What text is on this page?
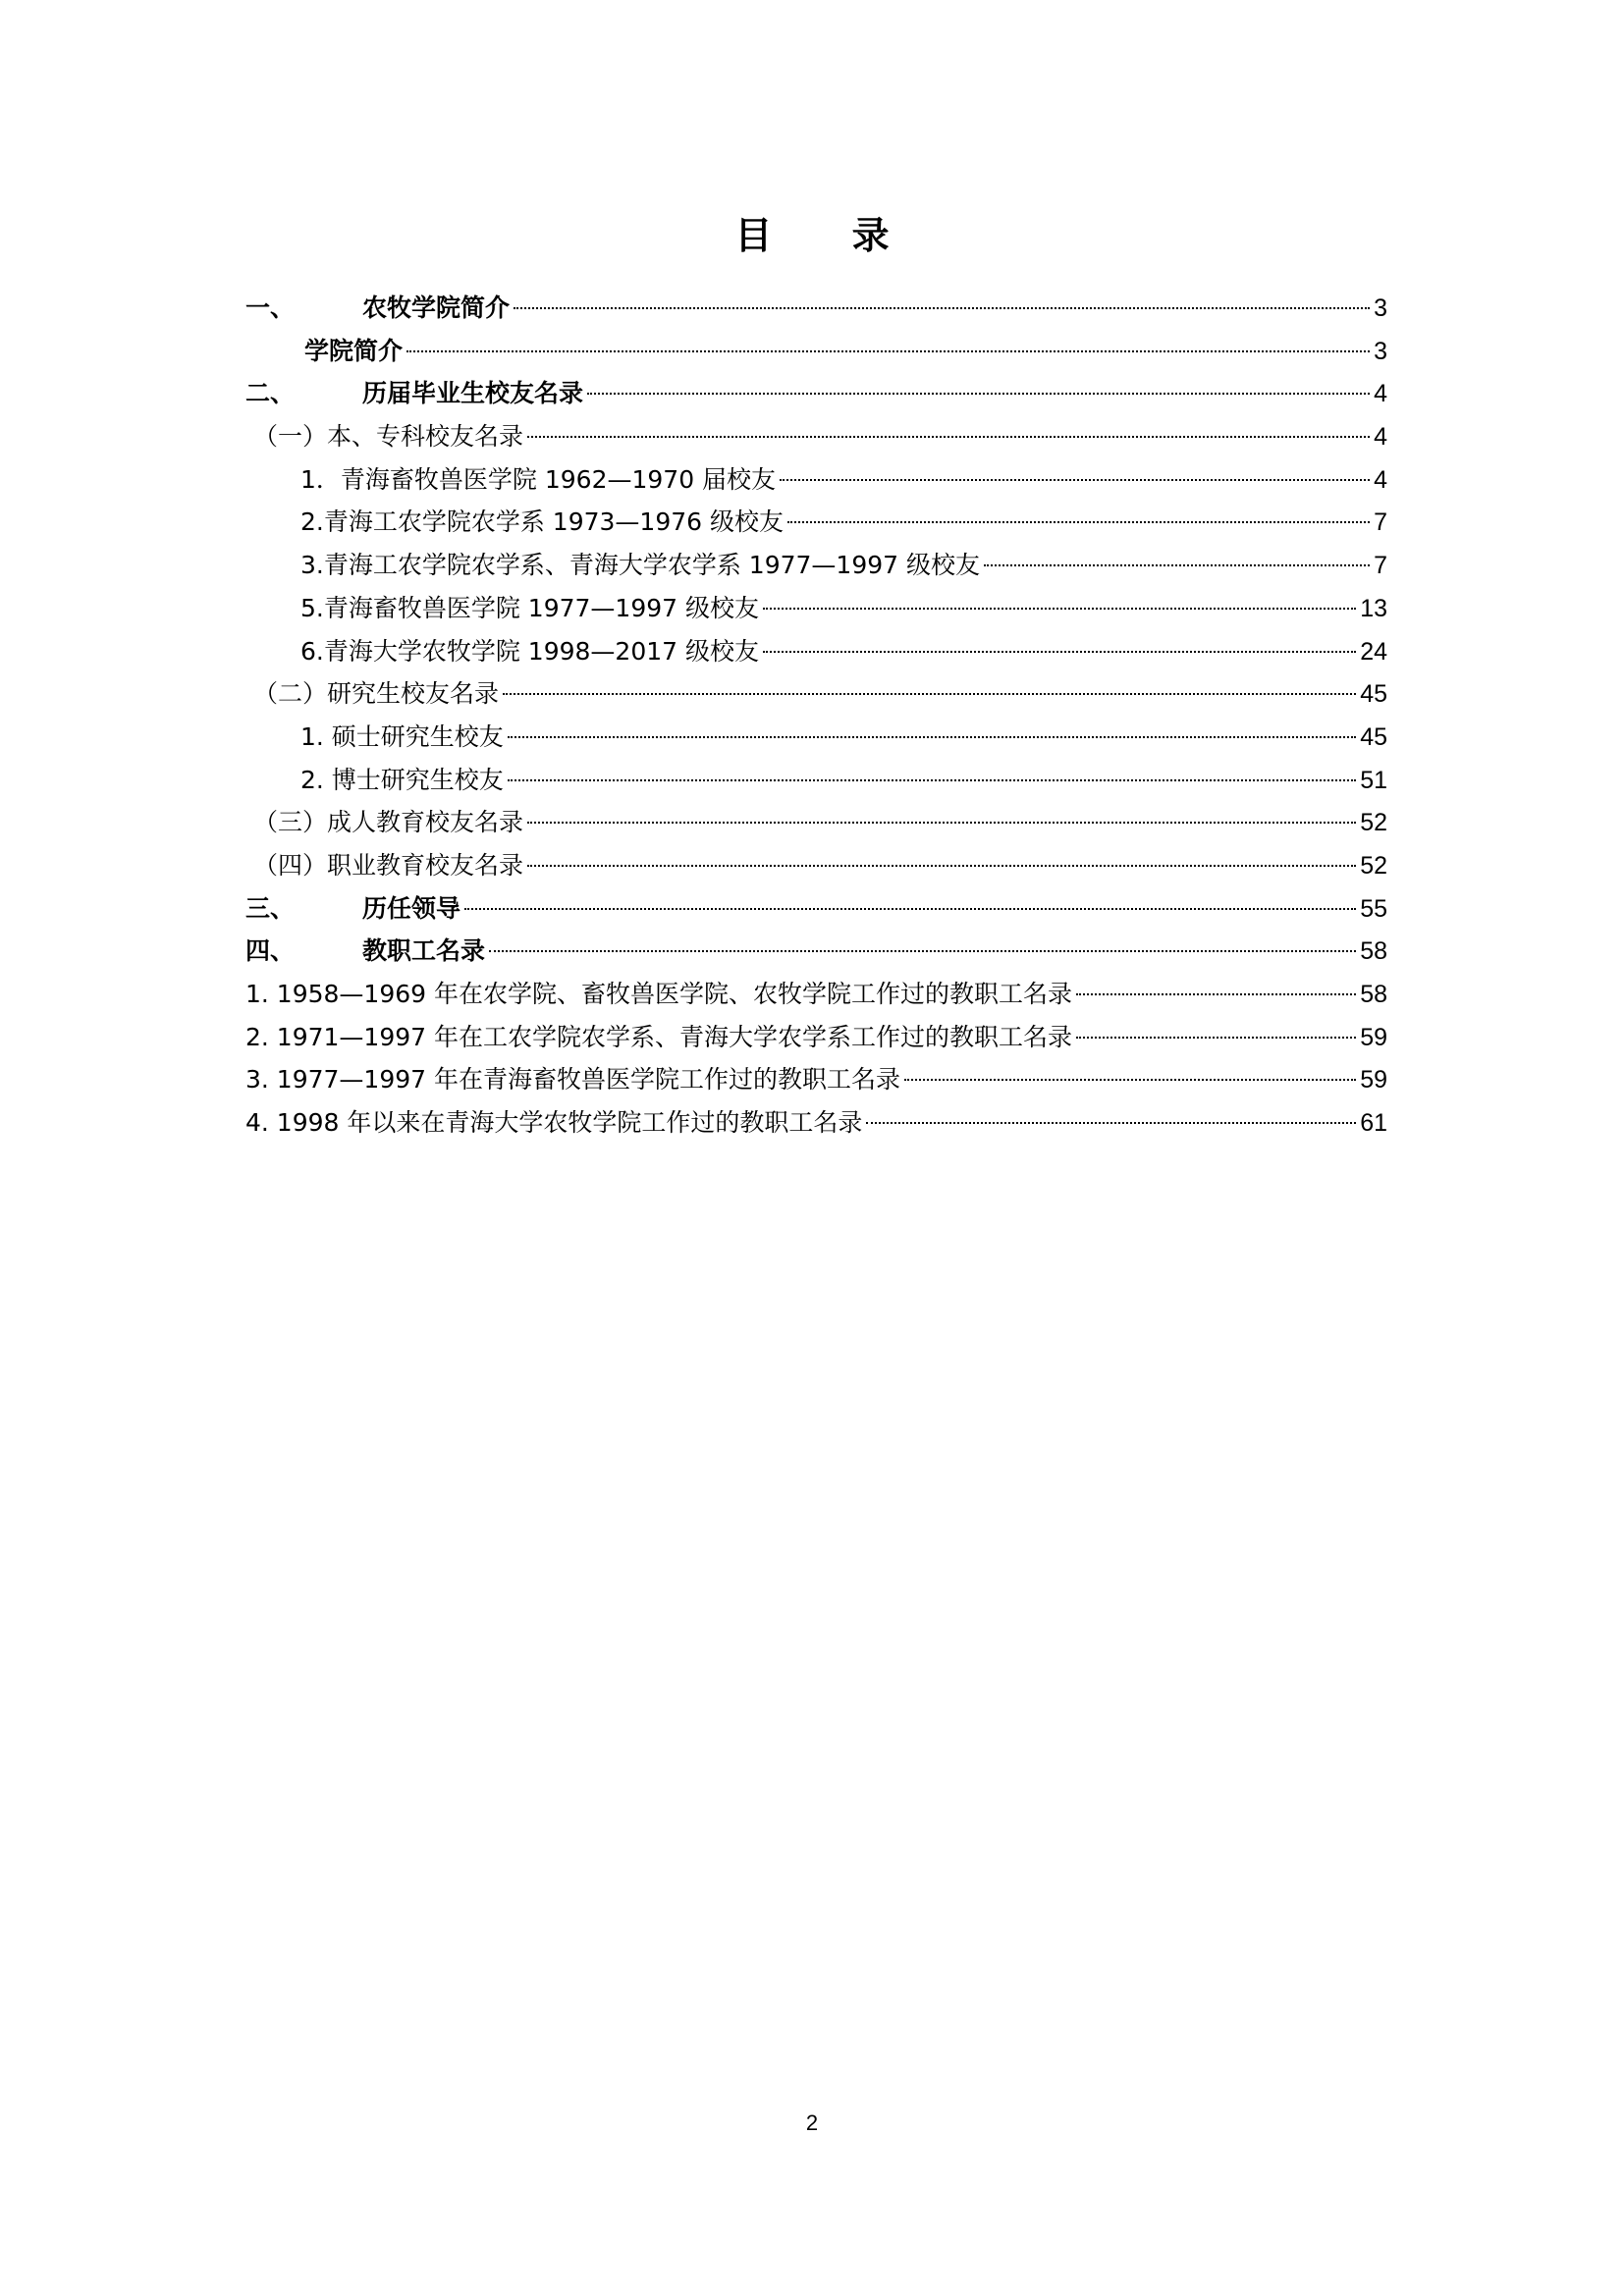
目 录
一、	农牧学院简介	3
学院简介	3
二、	历届毕业生校友名录	4
（一）本、专科校友名录	4
1．青海畜牧兽医学院 1962—1970 届校友	4
2.青海工农学院农学系 1973—1976 级校友	7
3.青海工农学院农学系、青海大学农学系 1977—1997 级校友	7
5.青海畜牧兽医学院 1977—1997 级校友	13
6.青海大学农牧学院 1998—2017 级校友	24
（二）研究生校友名录	45
1. 硕士研究生校友	45
2. 博士研究生校友	51
（三）成人教育校友名录	52
（四）职业教育校友名录	52
三、	历任领导	55
四、	教职工名录	58
1. 1958—1969 年在农学院、畜牧兽医学院、农牧学院工作过的教职工名录	58
2. 1971—1997 年在工农学院农学系、青海大学农学系工作过的教职工名录	59
3. 1977—1997 年在青海畜牧兽医学院工作过的教职工名录	59
4. 1998 年以来在青海大学农牧学院工作过的教职工名录	61
2
